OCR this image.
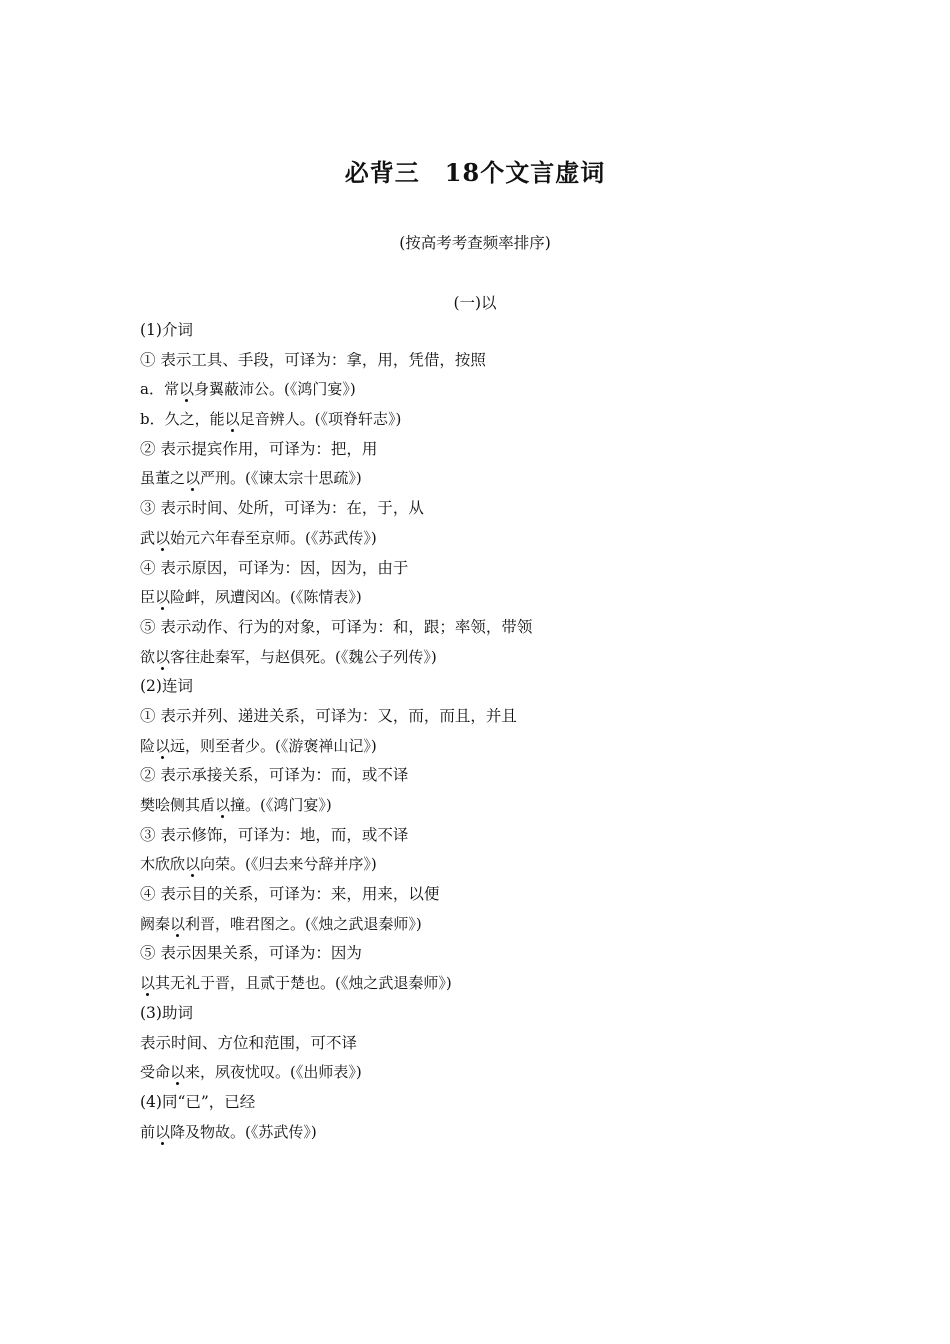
必背三　18个文言虚词
(按高考考查频率排序)
(一)以
(1)介词
① 表示工具、手段，可译为：拿，用，凭借，按照
a．常以身翼蔽沛公。(《鸿门宴》)
b．久之，能以足音辨人。(《项脊轩志》)
② 表示提宾作用，可译为：把，用
虽董之以严刑。(《谏太宗十思疏》)
③ 表示时间、处所，可译为：在，于，从
武以始元六年春至京师。(《苏武传》)
④ 表示原因，可译为：因，因为，由于
臣以险衅，夙遭闵凶。(《陈情表》)
⑤ 表示动作、行为的对象，可译为：和，跟；率领，带领
欲以客往赴秦军，与赵俱死。(《魏公子列传》)
(2)连词
① 表示并列、递进关系，可译为：又，而，而且，并且
险以远，则至者少。(《游褒禅山记》)
② 表示承接关系，可译为：而，或不译
樊哙侧其盾以撞。(《鸿门宴》)
③ 表示修饰，可译为：地，而，或不译
木欣欣以向荣。(《归去来兮辞并序》)
④ 表示目的关系，可译为：来，用来，以便
阙秦以利晋，唯君图之。(《烛之武退秦师》)
⑤ 表示因果关系，可译为：因为
以其无礼于晋，且贰于楚也。(《烛之武退秦师》)
(3)助词
表示时间、方位和范围，可不译
受命以来，夙夜忧叹。(《出师表》)
(4)同“已”，已经
前以降及物故。(《苏武传》)
